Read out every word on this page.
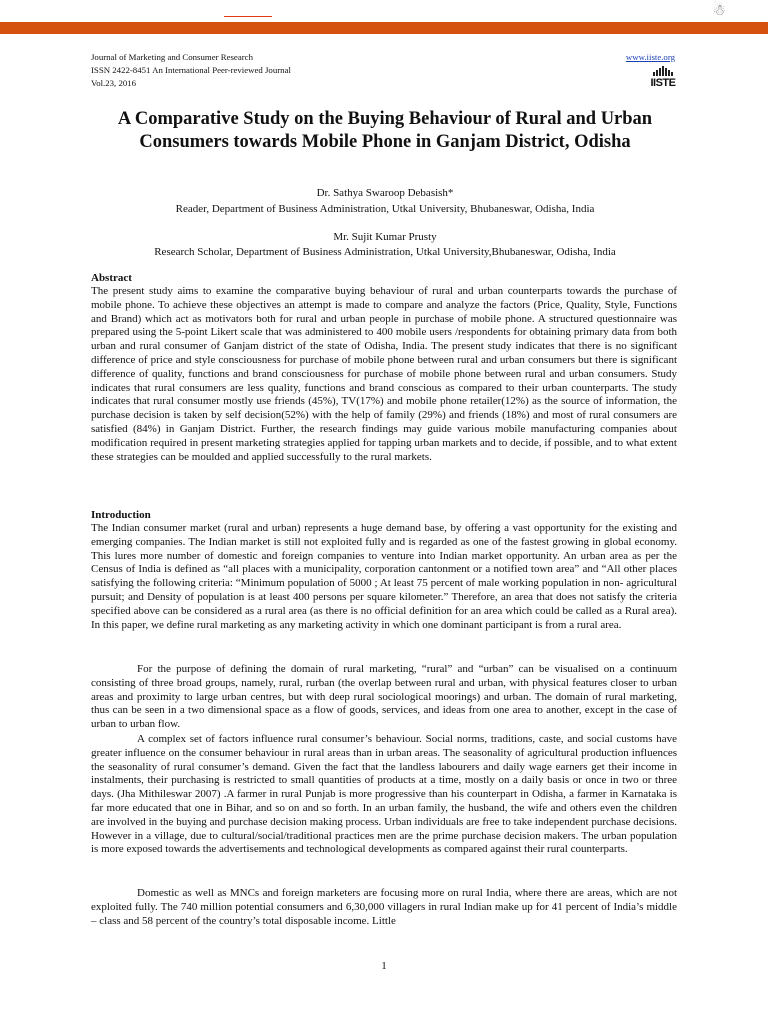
☃
Journal of Marketing and Consumer Research
ISSN 2422-8451 An International Peer-reviewed Journal
Vol.23, 2016
www.iiste.org
IISTE
A Comparative Study on the Buying Behaviour of Rural and Urban Consumers towards Mobile Phone in Ganjam District, Odisha
Dr. Sathya Swaroop Debasish*
Reader, Department of Business Administration, Utkal University, Bhubaneswar, Odisha, India
Mr. Sujit Kumar Prusty
Research Scholar, Department of Business Administration, Utkal University,Bhubaneswar, Odisha, India
Abstract

The present study aims to examine the comparative buying behaviour of rural and urban counterparts towards the purchase of mobile phone. To achieve these objectives an attempt is made to compare and analyze the factors (Price, Quality, Style, Functions and Brand) which act as motivators both for rural and urban people in purchase of mobile phone. A structured questionnaire was prepared using the 5-point Likert scale that was administered to 400 mobile users /respondents for obtaining primary data from both urban and rural consumer of Ganjam district of the state of Odisha, India. The present study indicates that there is no significant difference of price and style consciousness for purchase of mobile phone between rural and urban consumers but there is significant difference of quality, functions and brand consciousness for purchase of mobile phone between rural and urban consumers. Study indicates that rural consumers are less quality, functions and brand conscious as compared to their urban counterparts. The study indicates that rural consumer mostly use friends (45%), TV(17%) and mobile phone retailer(12%) as the source of information, the purchase decision is taken by self decision(52%) with the help of family (29%) and friends (18%) and most of rural consumers are satisfied (84%) in Ganjam District. Further, the research findings may guide various mobile manufacturing companies about modification required in present marketing strategies applied for tapping urban markets and to decide, if possible, and to what extent these strategies can be moulded and applied successfully to the rural markets.

Introduction

The Indian consumer market (rural and urban) represents a huge demand base, by offering a vast opportunity for the existing and emerging companies. The Indian market is still not exploited fully and is regarded as one of the fastest growing in global economy. This lures more number of domestic and foreign companies to venture into Indian market opportunity. An urban area as per the Census of India is defined as “all places with a municipality, corporation cantonment or a notified town area” and “All other places satisfying the following criteria: “Minimum population of 5000 ; At least 75 percent of male working population in non- agricultural pursuit; and Density of population is at least 400 persons per square kilometer.” Therefore, an area that does not satisfy the criteria specified above can be considered as a rural area (as there is no official definition for an area which could be called as a Rural area). In this paper, we define rural marketing as any marketing activity in which one dominant participant is from a rural area.

For the purpose of defining the domain of rural marketing, “rural” and “urban” can be visualised on a continuum consisting of three broad groups, namely, rural, rurban (the overlap between rural and urban, with physical features closer to urban areas and proximity to large urban centres, but with deep rural sociological moorings) and urban. The domain of rural marketing, thus can be seen in a two dimensional space as a flow of goods, services, and ideas from one area to another, except in the case of urban to urban flow.

A complex set of factors influence rural consumer’s behaviour. Social norms, traditions, caste, and social customs have greater influence on the consumer behaviour in rural areas than in urban areas. The seasonality of agricultural production influences the seasonality of rural consumer’s demand. Given the fact that the landless labourers and daily wage earners get their income in instalments, their purchasing is restricted to small quantities of products at a time, mostly on a daily basis or once in two or three days. (Jha Mithileswar 2007) .A farmer in rural Punjab is more progressive than his counterpart in Odisha, a farmer in Karnataka is far more educated that one in Bihar, and so on and so forth. In an urban family, the husband, the wife and others even the children are involved in the buying and purchase decision making process. Urban individuals are free to take independent purchase decisions. However in a village, due to cultural/social/traditional practices men are the prime purchase decision makers. The urban population is more exposed towards the advertisements and technological developments as compared against their rural counterparts.

Domestic as well as MNCs and foreign marketers are focusing more on rural India, where there are areas, which are not exploited fully. The 740 million potential consumers and 6,30,000 villagers in rural Indian make up for 41 percent of India’s middle – class and 58 percent of the country’s total disposable income. Little

1
